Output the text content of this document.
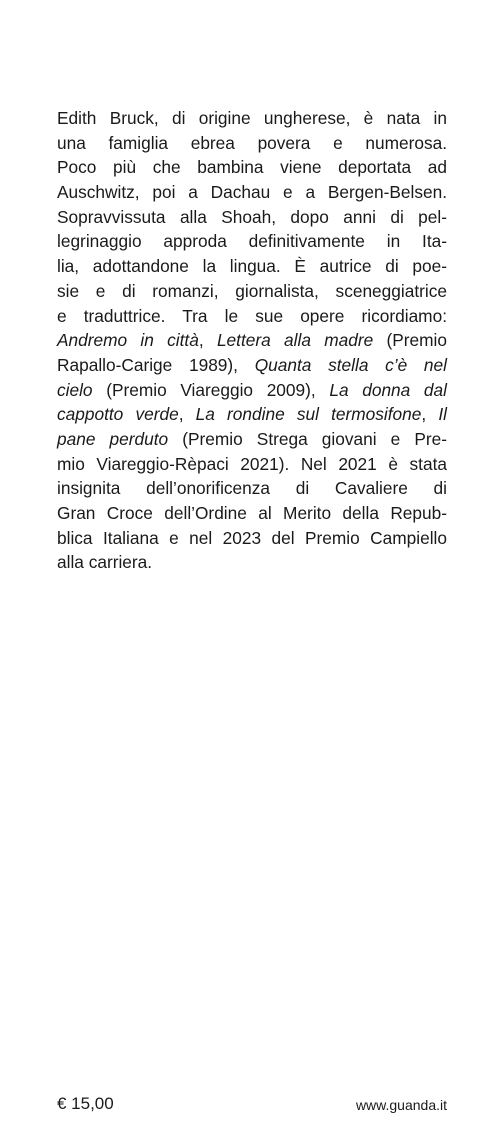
Edith Bruck, di origine ungherese, è nata in
una famiglia ebrea povera e numerosa.
Poco più che bambina viene deportata ad
Auschwitz, poi a Dachau e a Bergen-Belsen.
Sopravvissuta alla Shoah, dopo anni di pel-
legrinaggio approda definitivamente in Ita-
lia, adottandone la lingua. È autrice di poe-
sie e di romanzi, giornalista, sceneggiatrice
e traduttrice. Tra le sue opere ricordiamo:
Andremo in città, Lettera alla madre (Premio
Rapallo-Carige 1989), Quanta stella c’è nel
cielo (Premio Viareggio 2009), La donna dal
cappotto verde, La rondine sul termosifone, Il
pane perduto (Premio Strega giovani e Pre-
mio Viareggio-Rèpaci 2021). Nel 2021 è stata
insignita dell’onorificenza di Cavaliere di
Gran Croce dell’Ordine al Merito della Repub-
blica Italiana e nel 2023 del Premio Campiello
alla carriera.
€ 15,00	www.guanda.it
